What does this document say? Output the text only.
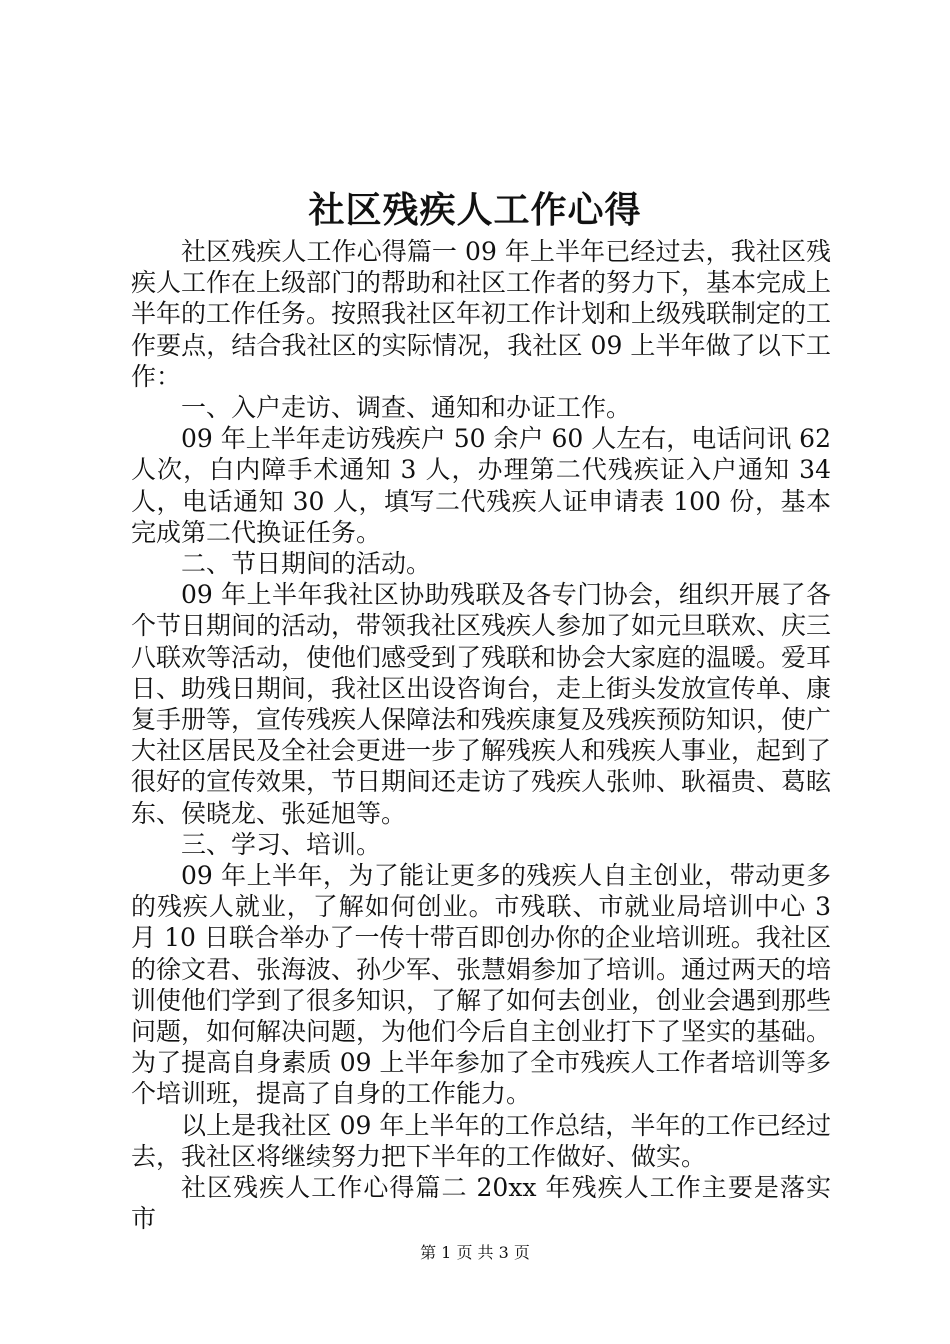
社区残疾人工作心得

社区残疾人工作心得篇一 09 年上半年已经过去，我社区残疾人工作在上级部门的帮助和社区工作者的努力下，基本完成上半年的工作任务。按照我社区年初工作计划和上级残联制定的工作要点，结合我社区的实际情况，我社区 09 上半年做了以下工作：

一、入户走访、调查、通知和办证工作。

09 年上半年走访残疾户 50 余户 60 人左右，电话问讯 62 人次，白内障手术通知 3 人，办理第二代残疾证入户通知 34 人，电话通知 30 人，填写二代残疾人证申请表 100 份，基本完成第二代换证任务。

二、节日期间的活动。

09 年上半年我社区协助残联及各专门协会，组织开展了各个节日期间的活动，带领我社区残疾人参加了如元旦联欢、庆三八联欢等活动，使他们感受到了残联和协会大家庭的温暖。爱耳日、助残日期间，我社区出设咨询台，走上街头发放宣传单、康复手册等，宣传残疾人保障法和残疾康复及残疾预防知识，使广大社区居民及全社会更进一步了解残疾人和残疾人事业，起到了很好的宣传效果，节日期间还走访了残疾人张帅、耿福贵、葛眩东、侯晓龙、张延旭等。

三、学习、培训。

09 年上半年，为了能让更多的残疾人自主创业，带动更多的残疾人就业，了解如何创业。市残联、市就业局培训中心 3 月 10 日联合举办了一传十带百即创办你的企业培训班。我社区的徐文君、张海波、孙少军、张慧娟参加了培训。通过两天的培训使他们学到了很多知识，了解了如何去创业，创业会遇到那些问题，如何解决问题，为他们今后自主创业打下了坚实的基础。为了提高自身素质 09 上半年参加了全市残疾人工作者培训等多个培训班，提高了自身的工作能力。

以上是我社区 09 年上半年的工作总结，半年的工作已经过去，我社区将继续努力把下半年的工作做好、做实。

社区残疾人工作心得篇二 20xx 年残疾人工作主要是落实市

第 1 页 共 3 页
